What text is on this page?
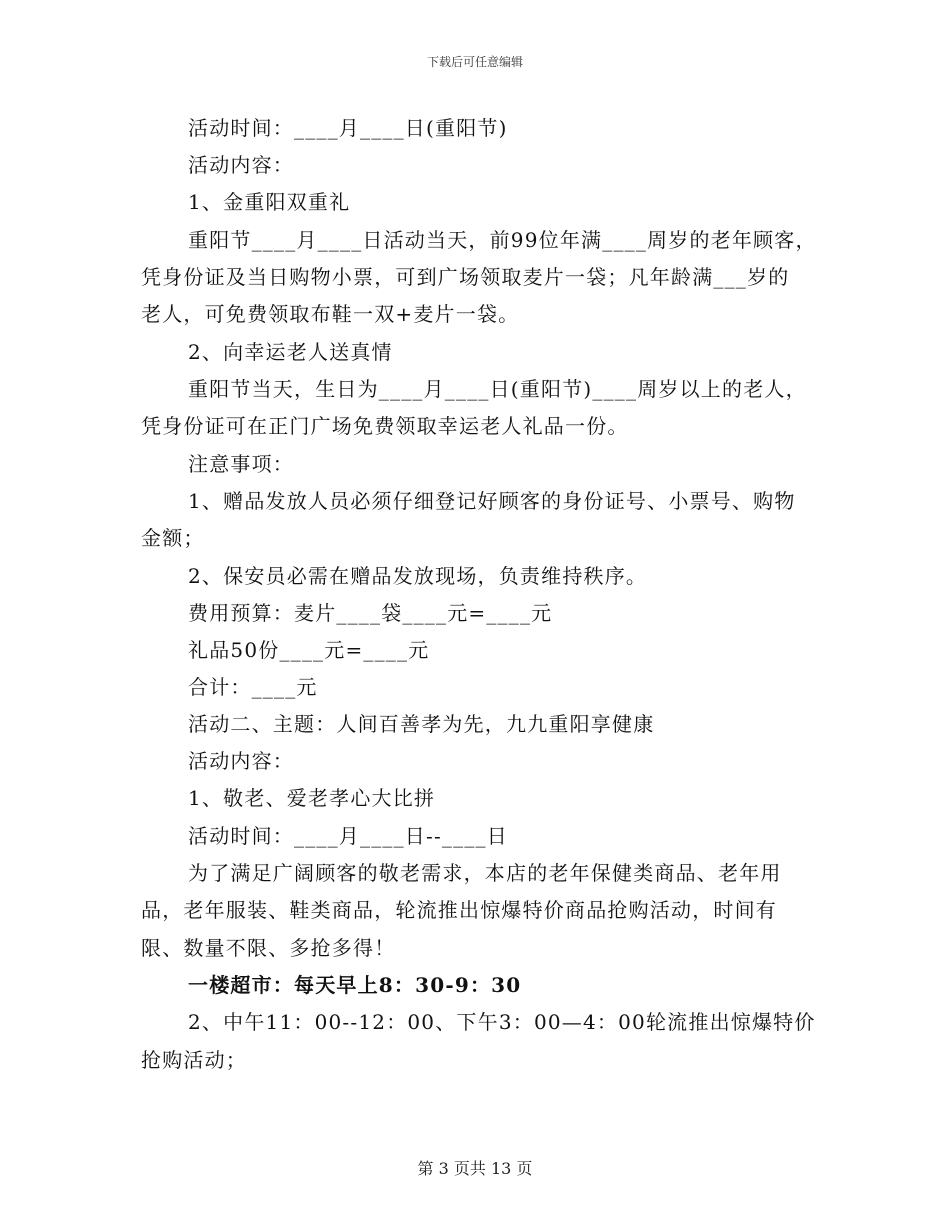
下载后可任意编辑
活动时间：____月____日(重阳节)
活动内容：
1、金重阳双重礼
重阳节____月____日活动当天，前99位年满____周岁的老年顾客，
凭身份证及当日购物小票，可到广场领取麦片一袋；凡年龄满___岁的
老人，可免费领取布鞋一双+麦片一袋。
2、向幸运老人送真情
重阳节当天，生日为____月____日(重阳节)____周岁以上的老人，
凭身份证可在正门广场免费领取幸运老人礼品一份。
注意事项：
1、赠品发放人员必须仔细登记好顾客的身份证号、小票号、购物
金额；
2、保安员必需在赠品发放现场，负责维持秩序。
费用预算：麦片____袋____元=____元
礼品50份____元=____元
合计：____元
活动二、主题：人间百善孝为先，九九重阳享健康
活动内容：
1、敬老、爱老孝心大比拼
活动时间：____月____日--____日
为了满足广阔顾客的敬老需求，本店的老年保健类商品、老年用
品，老年服装、鞋类商品，轮流推出惊爆特价商品抢购活动，时间有
限、数量不限、多抢多得！
一楼超市：每天早上8：30-9：30
2、中午11：00--12：00、下午3：00—4：00轮流推出惊爆特价
抢购活动；
第 3 页共 13 页
